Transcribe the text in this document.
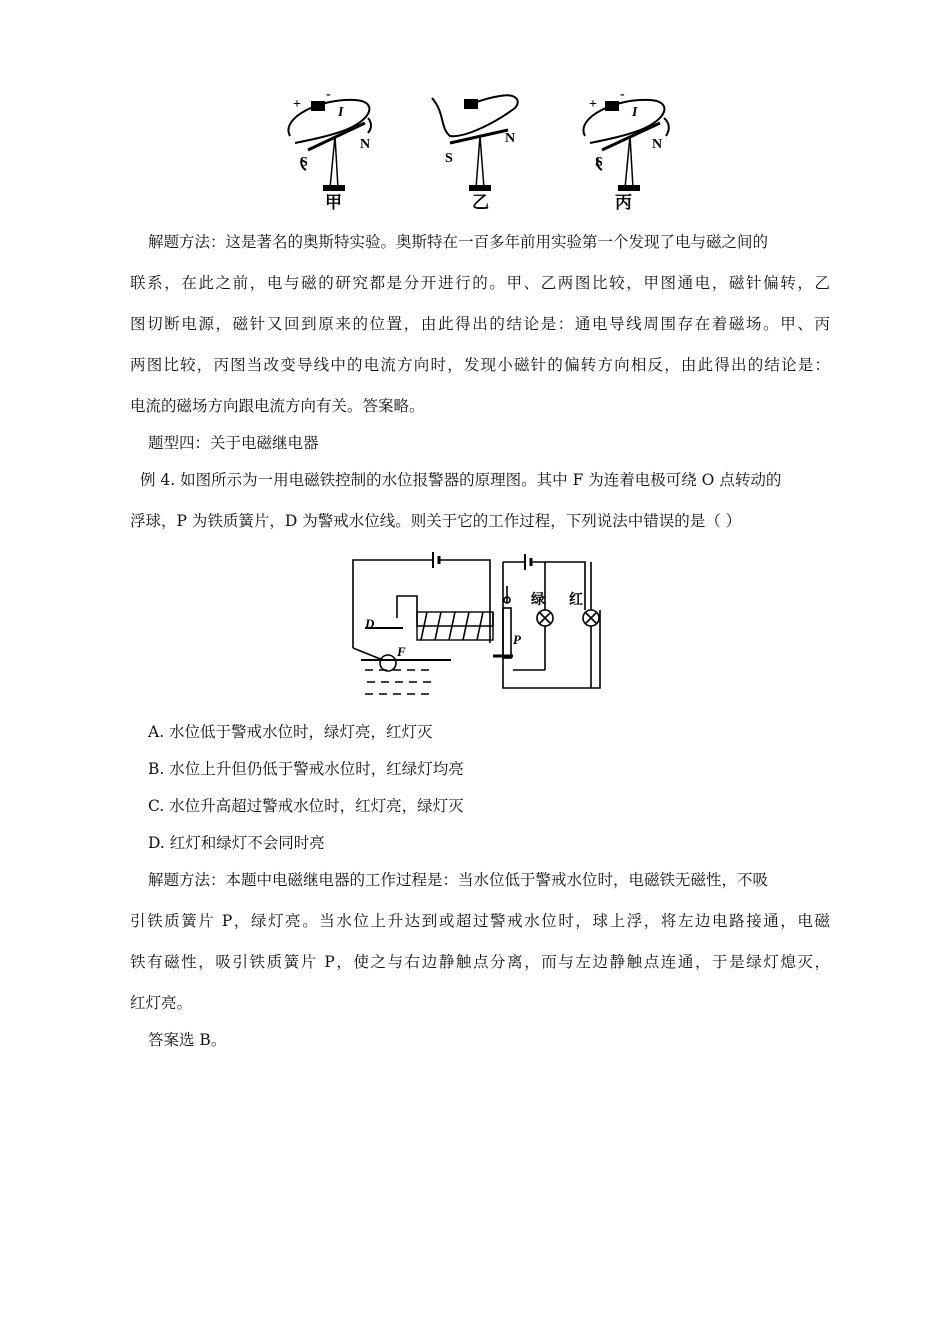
+
-
I
S
N
S
N
+
-
I
S
N
甲	乙	丙
解题方法：这是著名的奥斯特实验。奥斯特在一百多年前用实验第一个发现了电与磁之间的
联系，在此之前，电与磁的研究都是分开进行的。甲、乙两图比较，甲图通电，磁针偏转，乙
图切断电源，磁针又回到原来的位置，由此得出的结论是：通电导线周围存在着磁场。甲、丙
两图比较，丙图当改变导线中的电流方向时，发现小磁针的偏转方向相反，由此得出的结论是：
电流的磁场方向跟电流方向有关。答案略。
题型四：关于电磁继电器
例 4. 如图所示为一用电磁铁控制的水位报警器的原理图。其中 F 为连着电极可绕 O 点转动的
浮球，P 为铁质簧片，D 为警戒水位线。则关于它的工作过程，下列说法中错误的是（ ）
D
F
P
绿 红
A. 水位低于警戒水位时，绿灯亮，红灯灭
B. 水位上升但仍低于警戒水位时，红绿灯均亮
C. 水位升高超过警戒水位时，红灯亮，绿灯灭
D. 红灯和绿灯不会同时亮
解题方法：本题中电磁继电器的工作过程是：当水位低于警戒水位时，电磁铁无磁性，不吸
引铁质簧片 P，绿灯亮。当水位上升达到或超过警戒水位时，球上浮，将左边电路接通，电磁
铁有磁性，吸引铁质簧片 P，使之与右边静触点分离，而与左边静触点连通，于是绿灯熄灭，
红灯亮。
答案选 B。
